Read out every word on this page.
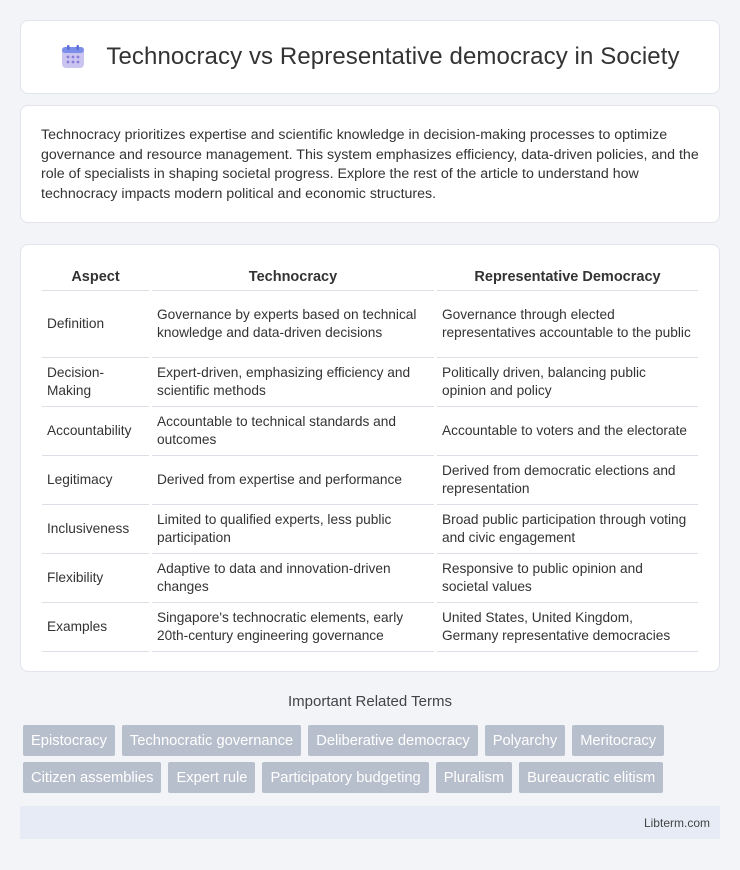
Technocracy vs Representative democracy in Society

Technocracy prioritizes expertise and scientific knowledge in decision-making processes to optimize governance and resource management. This system emphasizes efficiency, data-driven policies, and the role of specialists in shaping societal progress. Explore the rest of the article to understand how technocracy impacts modern political and economic structures.

Aspect	Technocracy	Representative Democracy
Definition	Governance by experts based on technical knowledge and data-driven decisions	Governance through elected representatives accountable to the public
Decision-Making	Expert-driven, emphasizing efficiency and scientific methods	Politically driven, balancing public opinion and policy
Accountability	Accountable to technical standards and outcomes	Accountable to voters and the electorate
Legitimacy	Derived from expertise and performance	Derived from democratic elections and representation
Inclusiveness	Limited to qualified experts, less public participation	Broad public participation through voting and civic engagement
Flexibility	Adaptive to data and innovation-driven changes	Responsive to public opinion and societal values
Examples	Singapore's technocratic elements, early 20th-century engineering governance	United States, United Kingdom, Germany representative democracies
Important Related Terms
Epistocracy	Technocratic governance	Deliberative democracy	Polyarchy	Meritocracy
Citizen assemblies	Expert rule	Participatory budgeting	Pluralism	Bureaucratic elitism
Libterm.com
